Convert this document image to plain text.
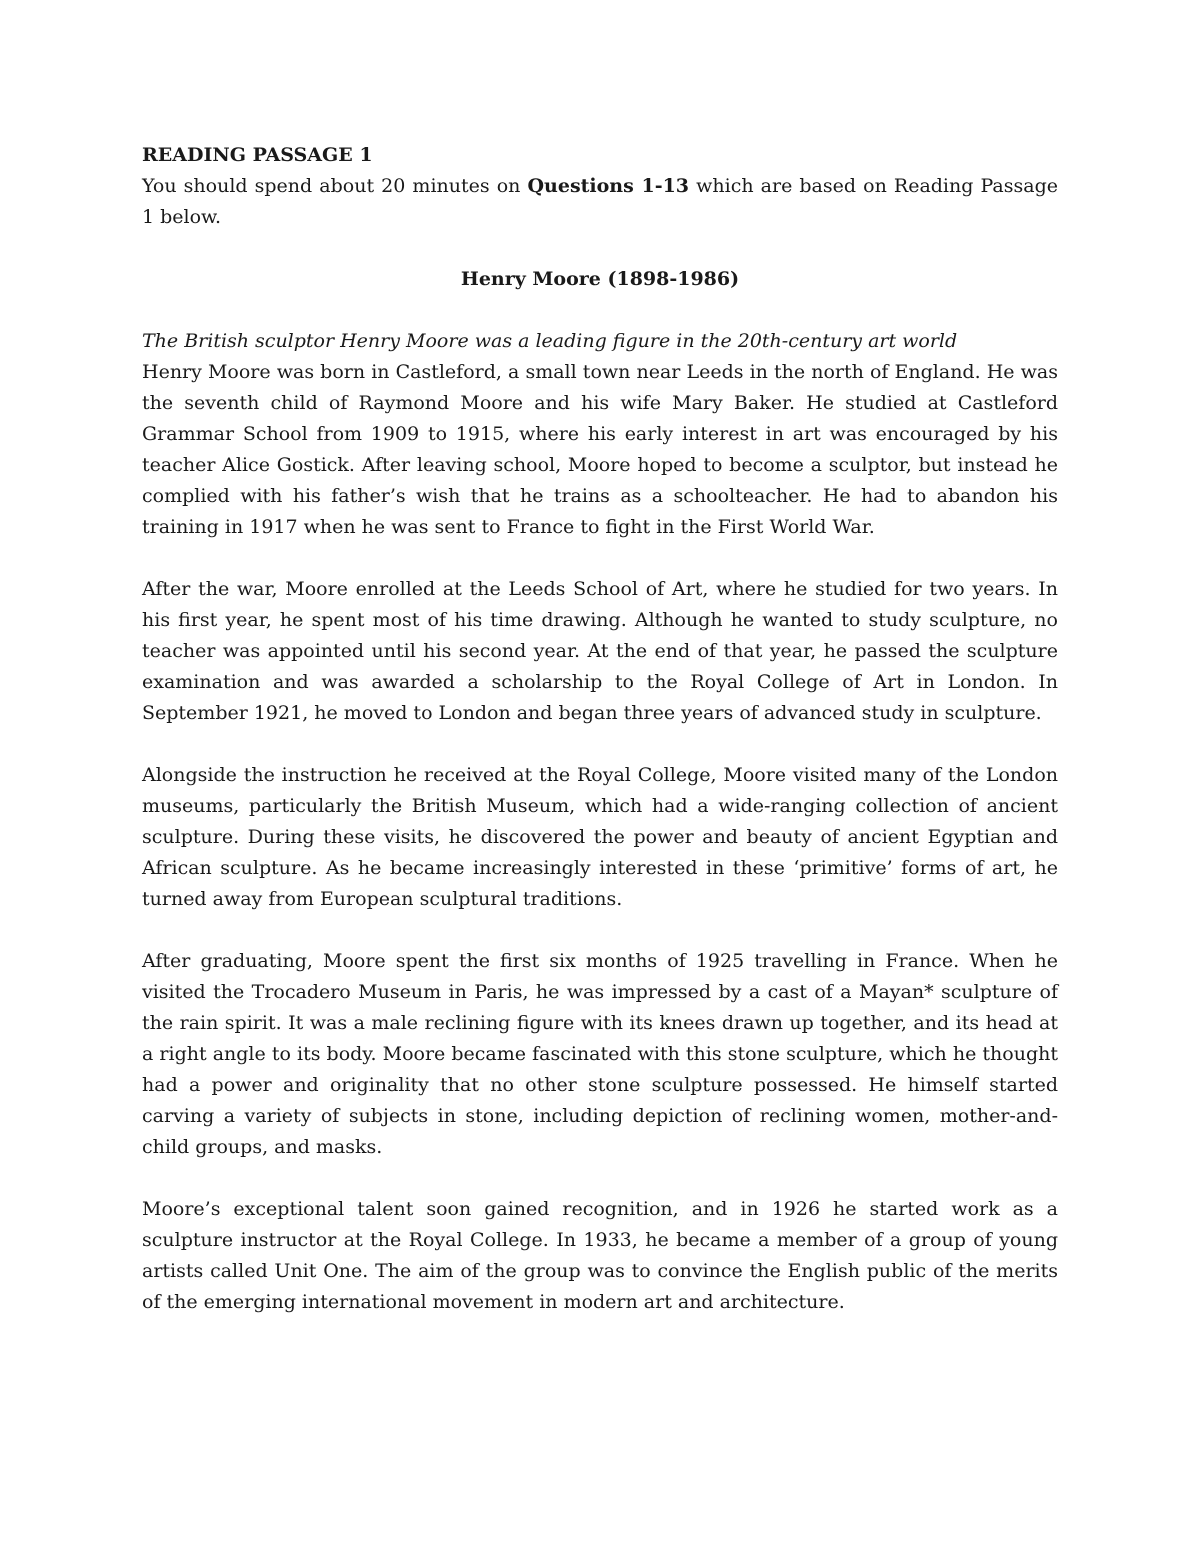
READING PASSAGE 1

You should spend about 20 minutes on Questions 1-13 which are based on Reading Passage 1 below.

Henry Moore (1898-1986)

The British sculptor Henry Moore was a leading figure in the 20th-century art world

Henry Moore was born in Castleford, a small town near Leeds in the north of England. He was the seventh child of Raymond Moore and his wife Mary Baker. He studied at Castleford Grammar School from 1909 to 1915, where his early interest in art was encouraged by his teacher Alice Gostick. After leaving school, Moore hoped to become a sculptor, but instead he complied with his father’s wish that he trains as a schoolteacher. He had to abandon his training in 1917 when he was sent to France to fight in the First World War.

After the war, Moore enrolled at the Leeds School of Art, where he studied for two years. In his first year, he spent most of his time drawing. Although he wanted to study sculpture, no teacher was appointed until his second year. At the end of that year, he passed the sculpture examination and was awarded a scholarship to the Royal College of Art in London. In September 1921, he moved to London and began three years of advanced study in sculpture.

Alongside the instruction he received at the Royal College, Moore visited many of the London museums, particularly the British Museum, which had a wide-ranging collection of ancient sculpture. During these visits, he discovered the power and beauty of ancient Egyptian and African sculpture. As he became increasingly interested in these ‘primitive’ forms of art, he turned away from European sculptural traditions.

After graduating, Moore spent the first six months of 1925 travelling in France. When he visited the Trocadero Museum in Paris, he was impressed by a cast of a Mayan* sculpture of the rain spirit. It was a male reclining figure with its knees drawn up together, and its head at a right angle to its body. Moore became fascinated with this stone sculpture, which he thought had a power and originality that no other stone sculpture possessed. He himself started carving a variety of subjects in stone, including depiction of reclining women, mother-and-child groups, and masks.

Moore’s exceptional talent soon gained recognition, and in 1926 he started work as a sculpture instructor at the Royal College. In 1933, he became a member of a group of young artists called Unit One. The aim of the group was to convince the English public of the merits of the emerging international movement in modern art and architecture.
